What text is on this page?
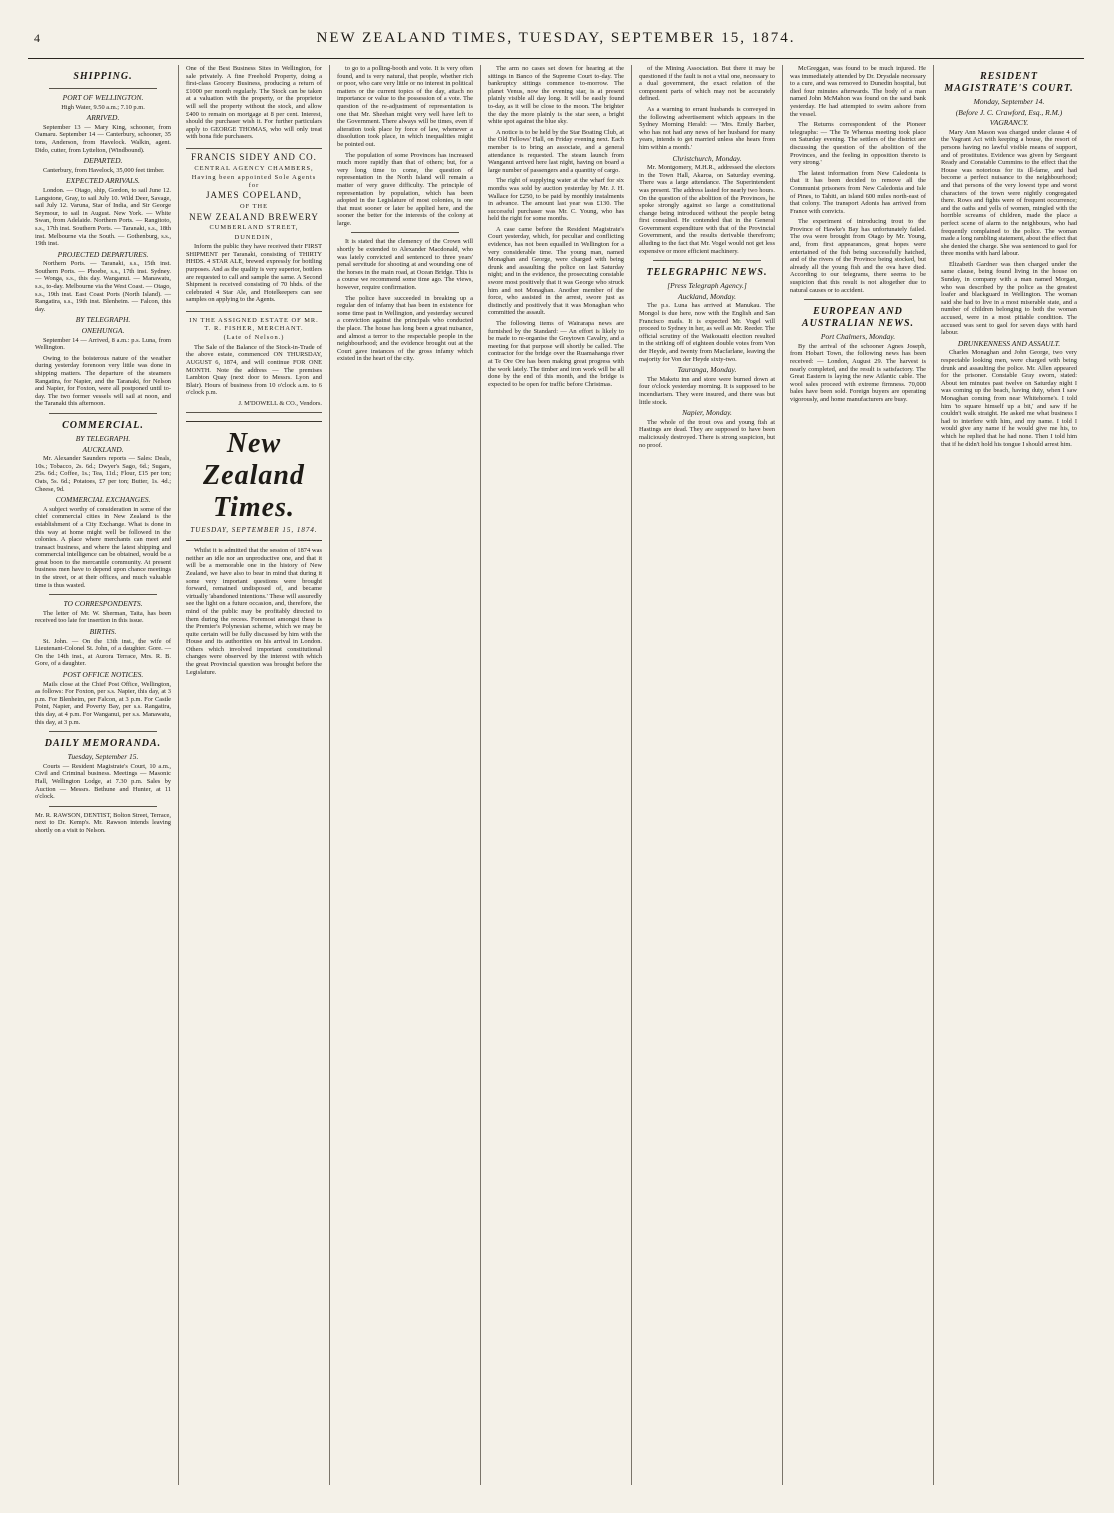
4	NEW ZEALAND TIMES, TUESDAY, SEPTEMBER 15, 1874.
SHIPPING.
PORT OF WELLINGTON.

High Water, 9.50 a.m.; 7.10 p.m.

ARRIVED.

September 13 — Mary King, schooner, from Oamaru. September 14 — Canterbury, schooner, 35 tons, Anderson, from Havelock. Walkin, agent. Dido, cutter, from Lyttelton, (Windbound).

DEPARTED.

Canterbury, from Havelock, 35,000 feet timber.

EXPECTED ARRIVALS.

London. — Otago, ship, Gordon, to sail June 12. Langstone, Gray, to sail July 10. Wild Deer, Savage, sail July 12. Varuna, Star of India, and Sir George Seymour, to sail in August. New York. — White Swan, from Adelaide. Northern Ports. — Rangitoto, s.s., 17th inst. Southern Ports. — Taranaki, s.s., 18th inst. Melbourne via the South. — Gothenburg, s.s., 19th inst.

PROJECTED DEPARTURES.

Northern Ports. — Taranaki, s.s., 15th inst. Southern Ports. — Phoebe, s.s., 17th inst. Sydney. — Wonga, s.s., this day. Wanganui. — Manawatu, s.s., to-day. Melbourne via the West Coast. — Otago, s.s., 19th inst. East Coast Ports (North Island). — Rangatira, s.s., 19th inst. Blenheim. — Falcon, this day.

BY TELEGRAPH.
ONEHUNGA.

September 14 — Arrived, 8 a.m.: p.s. Luna, from Wellington.

Owing to the boisterous nature of the weather during yesterday forenoon very little was done in shipping matters. The departure of the steamers Rangatira, for Napier, and the Taranaki, for Nelson and Napier, for Foxton, were all postponed until to-day. The two former vessels will sail at noon, and the Taranaki this afternoon.

COMMERCIAL.
BY TELEGRAPH.
AUCKLAND.

Mr. Alexander Saunders reports — Sales: Deals, 10s.; Tobacco, 2s. 6d.; Dwyer's Sago, 6d.; Sugars, 25s. 6d.; Coffee, 1s.; Tea, 11d.; Flour, £15 per ton; Oats, 5s. 6d.; Potatoes, £7 per ton; Butter, 1s. 4d.; Cheese, 9d.

COMMERCIAL EXCHANGES.

A subject worthy of consideration in some of the chief commercial cities in New Zealand is the establishment of a City Exchange. What is done in this way at home might well be followed in the colonies. A place where merchants can meet and transact business, and where the latest shipping and commercial intelligence can be obtained, would be a great boon to the mercantile community. At present business men have to depend upon chance meetings in the street, or at their offices, and much valuable time is thus wasted.

TO CORRESPONDENTS.

The letter of Mr. W. Sherman, Taita, has been received too late for insertion in this issue.

BIRTHS.

St. John. — On the 13th inst., the wife of Lieutenant-Colonel St. John, of a daughter. Gore. — On the 14th inst., at Aurora Terrace, Mrs. R. B. Gore, of a daughter.

POST OFFICE NOTICES.

Mails close at the Chief Post Office, Wellington, as follows: For Foxton, per s.s. Napier, this day, at 3 p.m. For Blenheim, per Falcon, at 3 p.m. For Castle Point, Napier, and Poverty Bay, per s.s. Rangatira, this day, at 4 p.m. For Wanganui, per s.s. Manawatu, this day, at 3 p.m.

DAILY MEMORANDA.
Tuesday, September 15.

Courts — Resident Magistrate's Court, 10 a.m., Civil and Criminal business. Meetings — Masonic Hall, Wellington Lodge, at 7.30 p.m. Sales by Auction — Messrs. Bethune and Hunter, at 11 o'clock.

Mr. R. RAWSON, DENTIST, Bolton Street, Terrace, next to Dr. Kemp's. Mr. Rawson intends leaving shortly on a visit to Nelson.

One of the Best Business Sites in Wellington, for sale privately. A fine Freehold Property, doing a first-class Grocery Business, producing a return of £1000 per month regularly. The Stock can be taken at a valuation with the property, or the proprietor will sell the property without the stock, and allow £400 to remain on mortgage at 8 per cent. Interest, should the purchaser wish it. For further particulars apply to GEORGE THOMAS, who will only treat with bona fide purchasers.

FRANCIS SIDEY AND CO.
CENTRAL AGENCY CHAMBERS,
Having been appointed Sole Agents for
JAMES COPELAND,
OF THE
NEW ZEALAND BREWERY
CUMBERLAND STREET,
DUNEDIN,

Inform the public they have received their FIRST SHIPMENT per Taranaki, consisting of THIRTY HHDS. 4 STAR ALE, brewed expressly for bottling purposes. And as the quality is very superior, bottlers are requested to call and sample the same. A Second Shipment is received consisting of 70 hhds. of the celebrated 4 Star Ale, and Hotelkeepers can see samples on applying to the Agents.

IN THE ASSIGNED ESTATE OF MR. T. R. FISHER, MERCHANT.
(Late of Nelson.)

The Sale of the Balance of the Stock-in-Trade of the above estate, commenced ON THURSDAY, AUGUST 6, 1874, and will continue FOR ONE MONTH. Note the address — The premises Lambton Quay (next door to Messrs. Lyon and Blair). Hours of business from 10 o'clock a.m. to 6 o'clock p.m.

J. M'DOWELL & CO., Vendors.
New Zealand Times.
TUESDAY, SEPTEMBER 15, 1874.

Whilst it is admitted that the session of 1874 was neither an idle nor an unproductive one, and that it will be a memorable one in the history of New Zealand, we have also to bear in mind that during it some very important questions were brought forward, remained undisposed of, and became virtually 'abandoned intentions.' These will assuredly see the light on a future occasion, and, therefore, the mind of the public may be profitably directed to them during the recess. Foremost amongst these is the Premier's Polynesian scheme, which we may be quite certain will be fully discussed by him with the House and its authorities on his arrival in London. Others which involved important constitutional changes were observed by the interest with which the great Provincial question was brought before the Legislature.

to go to a polling-booth and vote. It is very often found, and is very natural, that people, whether rich or poor, who care very little or no interest in political matters or the current topics of the day, attach no importance or value to the possession of a vote. The question of the re-adjustment of representation is one that Mr. Sheehan might very well have left to the Government. There always will be times, even if alteration took place by force of law, whenever a dissolution took place, in which inequalities might be pointed out.

The population of some Provinces has increased much more rapidly than that of others; but, for a very long time to come, the question of representation in the North Island will remain a matter of very grave difficulty. The principle of representation by population, which has been adopted in the Legislature of most colonies, is one that must sooner or later be applied here, and the sooner the better for the interests of the colony at large.

It is stated that the clemency of the Crown will shortly be extended to Alexander Macdonald, who was lately convicted and sentenced to three years' penal servitude for shooting at and wounding one of the horses in the main road, at Ocean Bridge. This is a course we recommend some time ago. The views, however, require confirmation.

The police have succeeded in breaking up a regular den of infamy that has been in existence for some time past in Wellington, and yesterday secured a conviction against the principals who conducted the place. The house has long been a great nuisance, and almost a terror to the respectable people in the neighbourhood; and the evidence brought out at the Court gave instances of the gross infamy which existed in the heart of the city.

The arm no cases set down for hearing at the sittings in Banco of the Supreme Court to-day. The bankruptcy sittings commence to-morrow. The planet Venus, now the evening star, is at present plainly visible all day long. It will be easily found to-day, as it will be close to the moon. The brighter the day the more plainly is the star seen, a bright white spot against the blue sky.

A notice is to be held by the Star Boating Club, at the Old Fellows' Hall, on Friday evening next. Each member is to bring an associate, and a general attendance is requested. The steam launch from Wanganui arrived here last night, having on board a large number of passengers and a quantity of cargo.

The right of supplying water at the wharf for six months was sold by auction yesterday by Mr. J. H. Wallace for £250, to be paid by monthly instalments in advance. The amount last year was £130. The successful purchaser was Mr. C. Young, who has held the right for some months.

A case came before the Resident Magistrate's Court yesterday, which, for peculiar and conflicting evidence, has not been equalled in Wellington for a very considerable time. The young man, named Monaghan and George, were charged with being drunk and assaulting the police on last Saturday night; and in the evidence, the prosecuting constable swore most positively that it was George who struck him and not Monaghan. Another member of the force, who assisted in the arrest, swore just as distinctly and positively that it was Monaghan who committed the assault.

The following items of Wairarapa news are furnished by the Standard: — An effort is likely to be made to re-organise the Greytown Cavalry, and a meeting for that purpose will shortly be called. The contractor for the bridge over the Ruamahanga river at Te Ore Ore has been making great progress with the work lately. The timber and iron work will be all done by the end of this month, and the bridge is expected to be open for traffic before Christmas.

of the Mining Association. But there it may be questioned if the fault is not a vital one, necessary to a dual government, the exact relation of the component parts of which may not be accurately defined.

As a warning to errant husbands is conveyed in the following advertisement which appears in the Sydney Morning Herald: — 'Mrs. Emily Barber, who has not had any news of her husband for many years, intends to get married unless she hears from him within a month.'

Christchurch, Monday.

Mr. Montgomery, M.H.R., addressed the electors in the Town Hall, Akaroa, on Saturday evening. There was a large attendance. The Superintendent was present. The address lasted for nearly two hours. On the question of the abolition of the Provinces, he spoke strongly against so large a constitutional change being introduced without the people being first consulted. He contended that in the General Government expenditure with that of the Provincial Government, and the results derivable therefrom; alluding to the fact that Mr. Vogel would not get less expensive or more efficient machinery.

TELEGRAPHIC NEWS.
[Press Telegraph Agency.]
Auckland, Monday.

The p.s. Luna has arrived at Manukau. The Mongol is due here, now with the English and San Francisco mails. It is expected Mr. Vogel will proceed to Sydney in her, as well as Mr. Reeder. The official scrutiny of the Waikouaiti election resulted in the striking off of eighteen double votes from Von der Heyde, and twenty from Macfarlane, leaving the majority for Von der Heyde sixty-two.

Tauranga, Monday.

The Maketu inn and store were burned down at four o'clock yesterday morning. It is supposed to be incendiarism. They were insured, and there was but little stock.

Napier, Monday.

The whole of the trout ova and young fish at Hastings are dead. They are supposed to have been maliciously destroyed. There is strong suspicion, but no proof.

McGreggan, was found to be much injured. He was immediately attended by Dr. Drysdale necessary to a cure, and was removed to Dunedin hospital, but died four minutes afterwards. The body of a man named John McMahon was found on the sand bank yesterday. He had attempted to swim ashore from the vessel.

The Returns correspondent of the Pioneer telegraphs: — 'The Te Whenua meeting took place on Saturday evening. The settlers of the district are discussing the question of the abolition of the Provinces, and the feeling in opposition thereto is very strong.'

The latest information from New Caledonia is that it has been decided to remove all the Communist prisoners from New Caledonia and Isle of Pines, to Tahiti, an island 600 miles north-east of that colony. The transport Adonis has arrived from France with convicts.

The experiment of introducing trout to the Province of Hawke's Bay has unfortunately failed. The ova were brought from Otago by Mr. Young, and, from first appearances, great hopes were entertained of the fish being successfully hatched, and of the rivers of the Province being stocked, but already all the young fish and the ova have died. According to our telegrams, there seems to be suspicion that this result is not altogether due to natural causes or to accident.

EUROPEAN AND AUSTRALIAN NEWS.
Port Chalmers, Monday.

By the arrival of the schooner Agnes Joseph, from Hobart Town, the following news has been received: — London, August 29. The harvest is nearly completed, and the result is satisfactory. The Great Eastern is laying the new Atlantic cable. The wool sales proceed with extreme firmness. 70,000 bales have been sold. Foreign buyers are operating vigorously, and home manufacturers are busy.

RESIDENT MAGISTRATE'S COURT.
Monday, September 14.
(Before J. C. Crawford, Esq., R.M.)
VAGRANCY.

Mary Ann Mason was charged under clause 4 of the Vagrant Act with keeping a house, the resort of persons having no lawful visible means of support, and of prostitutes. Evidence was given by Sergeant Ready and Constable Cummins to the effect that the House was notorious for its ill-fame, and had become a perfect nuisance to the neighbourhood; and that persons of the very lowest type and worst characters of the town were nightly congregated there. Rows and fights were of frequent occurrence; and the oaths and yells of women, mingled with the horrible screams of children, made the place a perfect scene of alarm to the neighbours, who had frequently complained to the police. The woman made a long rambling statement, about the effect that she denied the charge. She was sentenced to gaol for three months with hard labour.

Elizabeth Gardner was then charged under the same clause, being found living in the house on Sunday, in company with a man named Morgan, who was described by the police as the greatest loafer and blackguard in Wellington. The woman said she had to live in a most miserable state, and a number of children belonging to both the woman accused, were in a most pitiable condition. The accused was sent to gaol for seven days with hard labour.

DRUNKENNESS AND ASSAULT.

Charles Monaghan and John George, two very respectable looking men, were charged with being drunk and assaulting the police. Mr. Allen appeared for the prisoner. Constable Gray sworn, stated: About ten minutes past twelve on Saturday night I was coming up the beach, having duty, when I saw Monaghan coming from near Whitehorne's. I told him 'to square himself up a bit,' and saw if he couldn't walk straight. He asked me what business I had to interfere with him, and my name. I told I would give any name if he would give me his, to which he replied that he had none. Then I told him that if he didn't hold his tongue I should arrest him.
